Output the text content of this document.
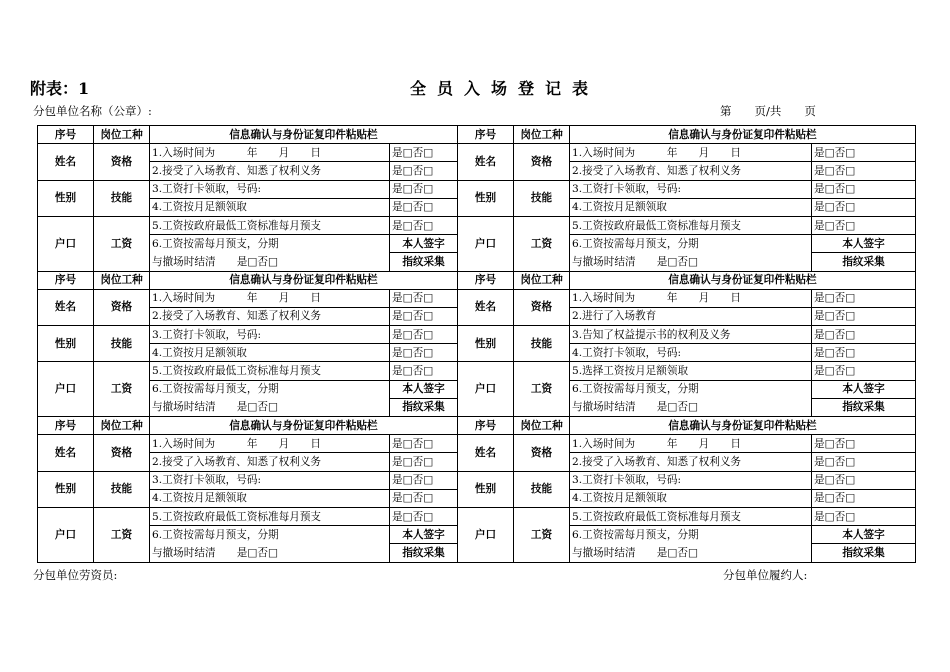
附表：1	全员入场登记表
分包单位名称（公章）:	第　　页/共　　页
序号	岗位工种	信息确认与身份证复印件粘贴栏		序号	岗位工种	信息确认与身份证复印件粘贴栏	
姓名	资格	1.入场时间为　　　年　　月　　日	是□否□	姓名	资格	1.入场时间为　　　年　　月　　日	是□否□
		2.接受了入场教育、知悉了权利义务	是□否□			2.接受了入场教育、知悉了权利义务	是□否□
性别	技能	3.工资打卡领取，号码:	是□否□	性别	技能	3.工资打卡领取，号码:	是□否□
		4.工资按月足额领取	是□否□			4.工资按月足额领取	是□否□
户口	工资	5.工资按政府最低工资标准每月预支	是□否□	户口	工资	5.工资按政府最低工资标准每月预支	是□否□
		6.工资按需每月预支，分期	本人签字			6.工资按需每月预支，分期	本人签字
		与撤场时结清　　是□否□	指纹采集			与撤场时结清　　是□否□	指纹采集
序号	岗位工种	信息确认与身份证复印件粘贴栏		序号	岗位工种	信息确认与身份证复印件粘贴栏	
姓名	资格	1.入场时间为　　　年　　月　　日	是□否□	姓名	资格	1.入场时间为　　　年　　月　　日	是□否□
		2.接受了入场教育、知悉了权利义务	是□否□			2.进行了入场教育	是□否□
性别	技能	3.工资打卡领取，号码:	是□否□	性别	技能	3.告知了权益提示书的权利及义务	是□否□
		4.工资按月足额领取	是□否□			4.工资打卡领取，号码:	是□否□
户口	工资	5.工资按政府最低工资标准每月预支	是□否□	户口	工资	5.选择工资按月足额领取	是□否□
		6.工资按需每月预支，分期	本人签字			6.工资按需每月预支，分期	本人签字
		与撤场时结清　　是□否□	指纹采集			与撤场时结清　　是□否□	指纹采集
序号	岗位工种	信息确认与身份证复印件粘贴栏		序号	岗位工种	信息确认与身份证复印件粘贴栏	
姓名	资格	1.入场时间为　　　年　　月　　日	是□否□	姓名	资格	1.入场时间为　　　年　　月　　日	是□否□
		2.接受了入场教育、知悉了权利义务	是□否□			2.接受了入场教育、知悉了权利义务	是□否□
性别	技能	3.工资打卡领取，号码:	是□否□	性别	技能	3.工资打卡领取，号码:	是□否□
		4.工资按月足额领取	是□否□			4.工资按月足额领取	是□否□
户口	工资	5.工资按政府最低工资标准每月预支	是□否□	户口	工资	5.工资按政府最低工资标准每月预支	是□否□
		6.工资按需每月预支，分期	本人签字			6.工资按需每月预支，分期	本人签字
		与撤场时结清　　是□否□	指纹采集			与撤场时结清　　是□否□	指纹采集
分包单位劳资员:	分包单位履约人:
